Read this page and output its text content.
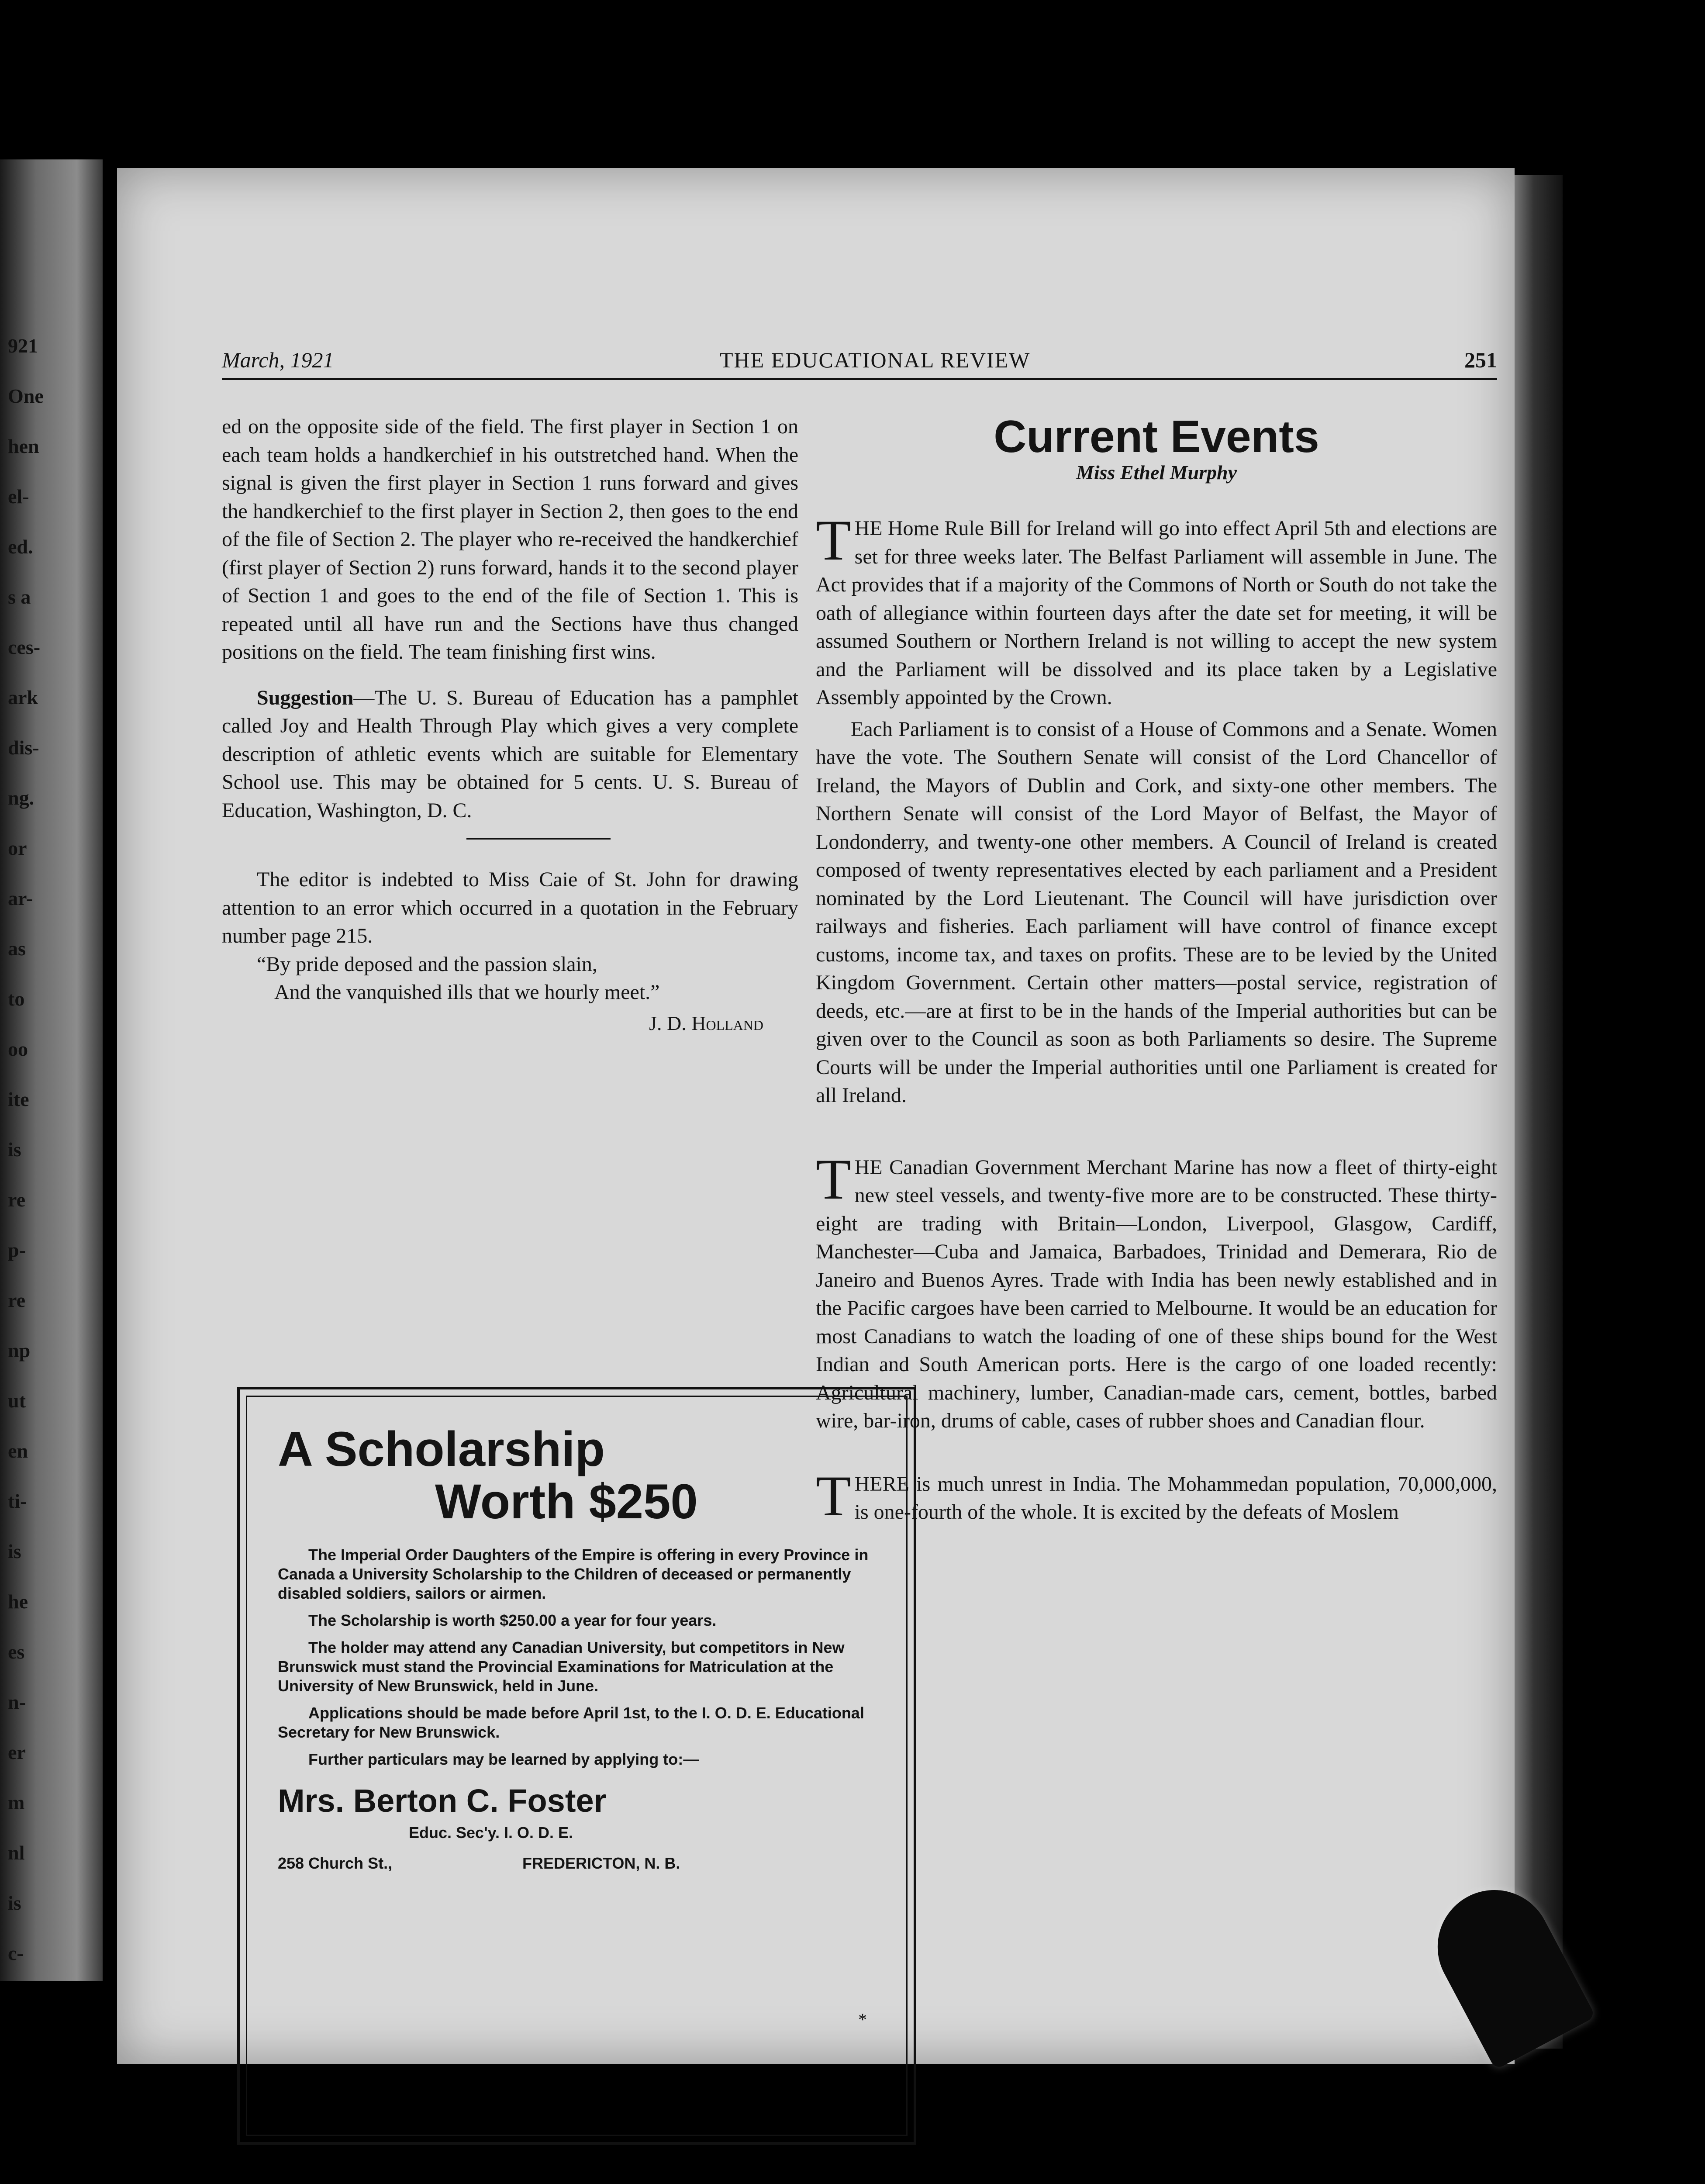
921
One
hen
el-
ed.
s a
ces-
ark
dis-
ng.
or
ar-
as
to
oo
ite
is
re
p-
re
np
ut
en
ti-
is
he
es
n-
er
m
nl
is
c-
March, 1921	THE EDUCATIONAL REVIEW	251

ed on the opposite side of the field. The first player in Section 1 on each team holds a handkerchief in his outstretched hand. When the signal is given the first player in Section 1 runs forward and gives the handkerchief to the first player in Section 2, then goes to the end of the file of Section 2. The player who re-received the handkerchief (first player of Section 2) runs forward, hands it to the second player of Section 1 and goes to the end of the file of Section 1. This is repeated until all have run and the Sections have thus changed positions on the field. The team finishing first wins.

Suggestion—The U. S. Bureau of Education has a pamphlet called Joy and Health Through Play which gives a very complete description of athletic events which are suitable for Elementary School use. This may be obtained for 5 cents. U. S. Bureau of Education, Washington, D. C.

The editor is indebted to Miss Caie of St. John for drawing attention to an error which occurred in a quotation in the February number page 215.

“By pride deposed and the passion slain,
And the vanquished ills that we hourly meet.”
J. D. Holland
Current Events
Miss Ethel Murphy

THE Home Rule Bill for Ireland will go into effect April 5th and elections are set for three weeks later. The Belfast Parliament will assemble in June. The Act provides that if a majority of the Commons of North or South do not take the oath of allegiance within fourteen days after the date set for meeting, it will be assumed Southern or Northern Ireland is not willing to accept the new system and the Parliament will be dissolved and its place taken by a Legislative Assembly appointed by the Crown.

Each Parliament is to consist of a House of Commons and a Senate. Women have the vote. The Southern Senate will consist of the Lord Chancellor of Ireland, the Mayors of Dublin and Cork, and sixty-one other members. The Northern Senate will consist of the Lord Mayor of Belfast, the Mayor of Londonderry, and twenty-one other members. A Council of Ireland is created composed of twenty representatives elected by each parliament and a President nominated by the Lord Lieutenant. The Council will have jurisdiction over railways and fisheries. Each parliament will have control of finance except customs, income tax, and taxes on profits. These are to be levied by the United Kingdom Government. Certain other matters—postal service, registration of deeds, etc.—are at first to be in the hands of the Imperial authorities but can be given over to the Council as soon as both Parliaments so desire. The Supreme Courts will be under the Imperial authorities until one Parliament is created for all Ireland.

THE Canadian Government Merchant Marine has now a fleet of thirty-eight new steel vessels, and twenty-five more are to be constructed. These thirty-eight are trading with Britain—London, Liverpool, Glasgow, Cardiff, Manchester—Cuba and Jamaica, Barbadoes, Trinidad and Demerara, Rio de Janeiro and Buenos Ayres. Trade with India has been newly established and in the Pacific cargoes have been carried to Melbourne. It would be an education for most Canadians to watch the loading of one of these ships bound for the West Indian and South American ports. Here is the cargo of one loaded recently: Agricultural machinery, lumber, Canadian-made cars, cement, bottles, barbed wire, bar-iron, drums of cable, cases of rubber shoes and Canadian flour.

THERE is much unrest in India. The Mohammedan population, 70,000,000, is one-fourth of the whole. It is excited by the defeats of Moslem

A Scholarship

Worth $250

The Imperial Order Daughters of the Empire is offering in every Province in Canada a University Scholarship to the Children of deceased or permanently disabled soldiers, sailors or airmen.

The Scholarship is worth $250.00 a year for four years.

The holder may attend any Canadian University, but competitors in New Brunswick must stand the Provincial Examinations for Matriculation at the University of New Brunswick, held in June.

Applications should be made before April 1st, to the I. O. D. E. Educational Secretary for New Brunswick.

Further particulars may be learned by applying to:—

Mrs. Berton C. Foster
Educ. Sec'y. I. O. D. E.
258 Church St.,	FREDERICTON, N. B.
*
